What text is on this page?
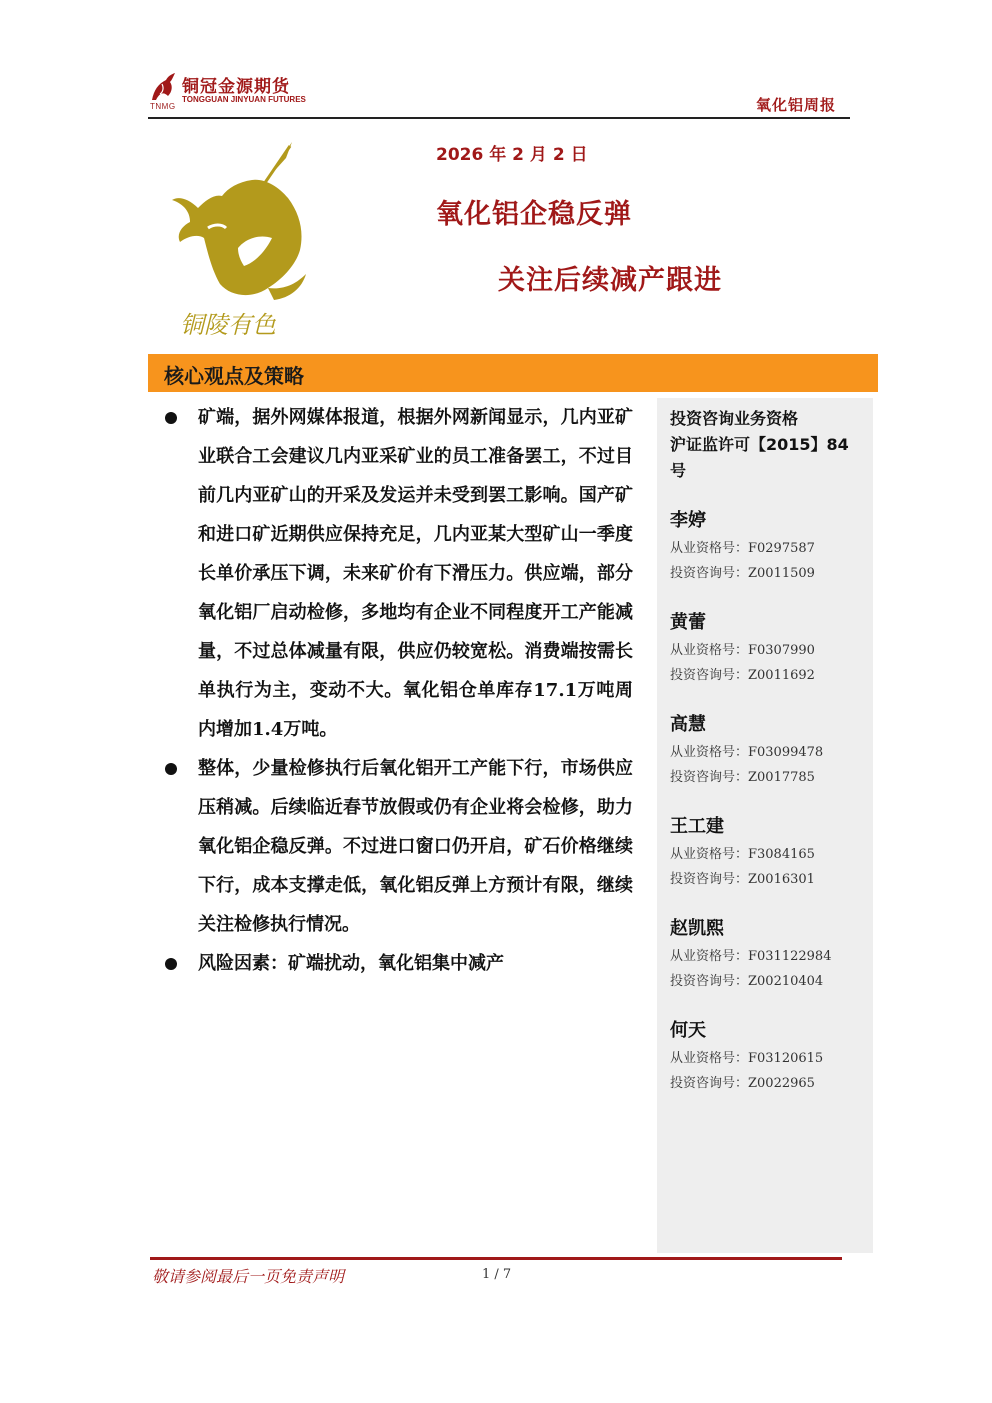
TNMG
铜冠金源期货
TONGGUAN JINYUAN FUTURES	氧化铝周报
铜陵有色
2026 年 2 月 2 日
氧化铝企稳反弹
关注后续减产跟进
核心观点及策略

矿端，据外网媒体报道，根据外网新闻显示，几内亚矿业联合工会建议几内亚采矿业的员工准备罢工，不过目前几内亚矿山的开采及发运并未受到罢工影响。国产矿和进口矿近期供应保持充足，几内亚某大型矿山一季度长单价承压下调，未来矿价有下滑压力。供应端，部分氧化铝厂启动检修，多地均有企业不同程度开工产能减量，不过总体减量有限，供应仍较宽松。消费端按需长单执行为主，变动不大。氧化铝仓单库存17.1万吨周内增加1.4万吨。

整体，少量检修执行后氧化铝开工产能下行，市场供应压稍减。后续临近春节放假或仍有企业将会检修，助力氧化铝企稳反弹。不过进口窗口仍开启，矿石价格继续下行，成本支撑走低，氧化铝反弹上方预计有限，继续关注检修执行情况。

风险因素：矿端扰动，氧化铝集中减产

投资咨询业务资格
沪证监许可【2015】84
号
李婷
从业资格号：F0297587
投资咨询号：Z0011509
黄蕾
从业资格号：F0307990
投资咨询号：Z0011692
高慧
从业资格号：F03099478
投资咨询号：Z0017785
王工建
从业资格号：F3084165
投资咨询号：Z0016301
赵凯熙
从业资格号：F031122984
投资咨询号：Z00210404
何天
从业资格号：F03120615
投资咨询号：Z0022965
敬请参阅最后一页免责声明	1 / 7
